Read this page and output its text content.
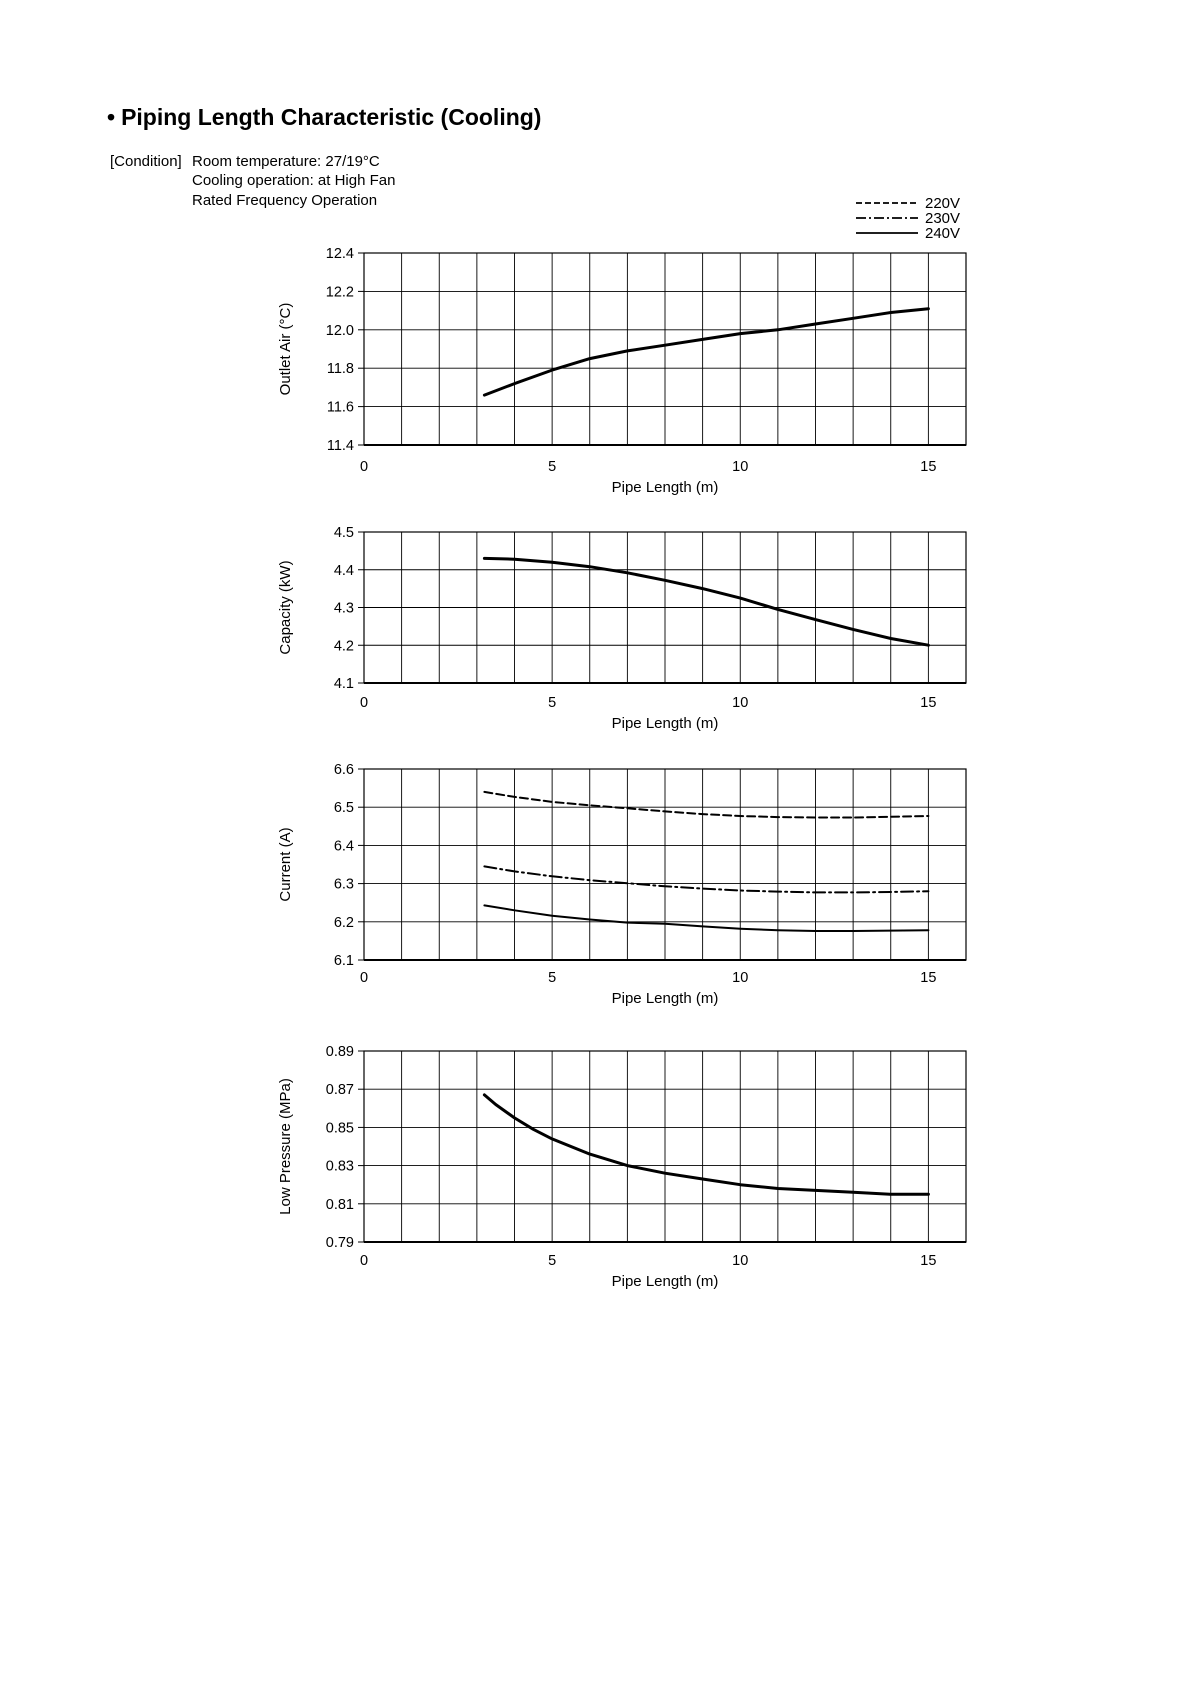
• Piping Length Characteristic (Cooling)
[Condition] Room temperature: 27/19°C
Cooling operation: at High Fan
Rated Frequency Operation
11.4
11.6
11.8
12.0
12.2
12.4
0	5	10	15
Pipe Length (m)
Outlet Air (°C)
4.1
4.2
4.3
4.4
4.5
0	5	10	15
Pipe Length (m)
Capacity (kW)
6.1
6.2
6.3
6.4
6.5
6.6
0	5	10	15
Pipe Length (m)
Current (A)
0.79
0.81
0.83
0.85
0.87
0.89
0	5	10	15
Pipe Length (m)
Low Pressure (MPa)
220V
230V
240V
